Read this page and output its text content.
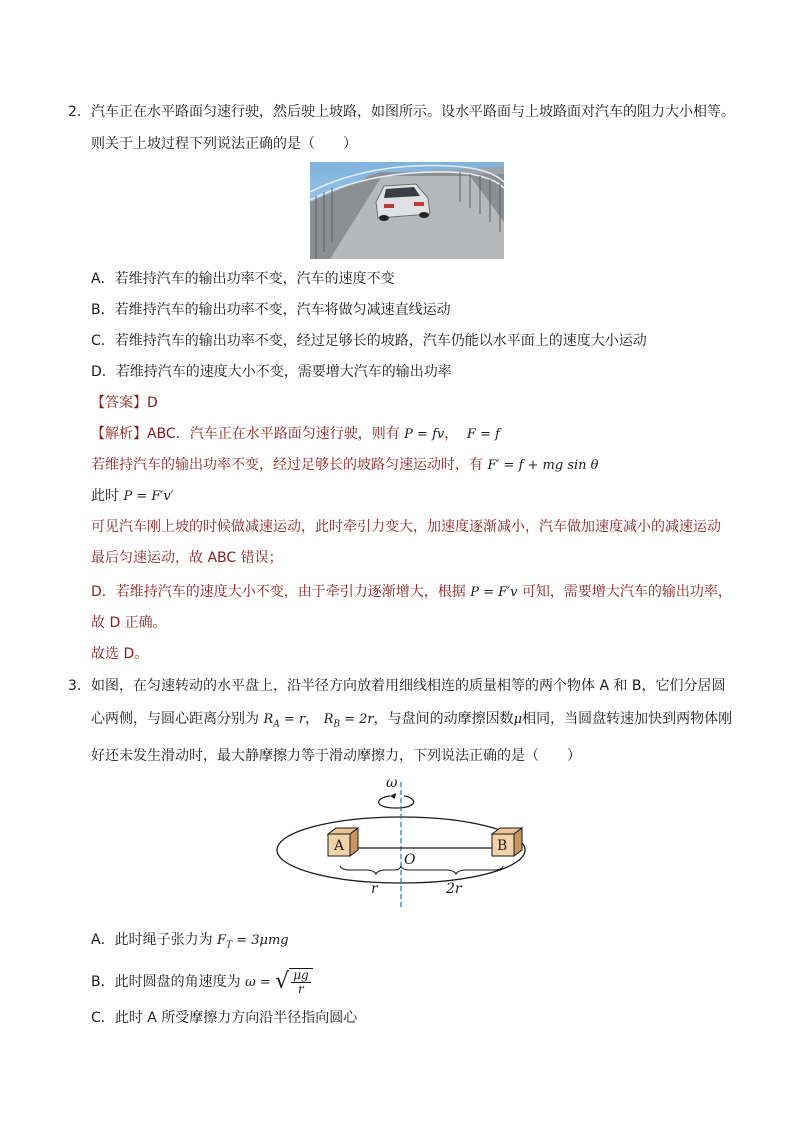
2． 汽车正在水平路面匀速行驶，然后驶上坡路，如图所示。设水平路面与上坡路面对汽车的阻力大小相等。
则关于上坡过程下列说法正确的是（　　）
A．若维持汽车的输出功率不变，汽车的速度不变
B．若维持汽车的输出功率不变，汽车将做匀减速直线运动
C．若维持汽车的输出功率不变，经过足够长的坡路，汽车仍能以水平面上的速度大小运动
D．若维持汽车的速度大小不变，需要增大汽车的输出功率
【答案】D
【解析】ABC．汽车正在水平路面匀速行驶，则有 P = fv，  F = f
若维持汽车的输出功率不变，经过足够长的坡路匀速运动时，有 F′ = f + mg sin θ
此时 P = F′v′
可见汽车刚上坡的时候做减速运动，此时牵引力变大，加速度逐渐减小，汽车做加速度减小的减速运动
最后匀速运动，故 ABC 错误；
D．若维持汽车的速度大小不变，由于牵引力逐渐增大，根据 P = F′v 可知，需要增大汽车的输出功率，
故 D 正确。
故选 D。
3． 如图，在匀速转动的水平盘上，沿半径方向放着用细线相连的质量相等的两个物体 A 和 B，它们分居圆
心两侧，与圆心距离分别为 $R_A = r$， $R_B = 2r$，与盘间的动摩擦因数μ相同，当圆盘转速加快到两物体刚
好还未发生滑动时，最大静摩擦力等于滑动摩擦力，下列说法正确的是（　　）
ω
A	B
O
r	2r
A．此时绳子张力为 $F_T = 3\mu mg$
B．此时圆盘的角速度为 ω = √ $\frac{\mu g}{r}$
C．此时 A 所受摩擦力方向沿半径指向圆心
